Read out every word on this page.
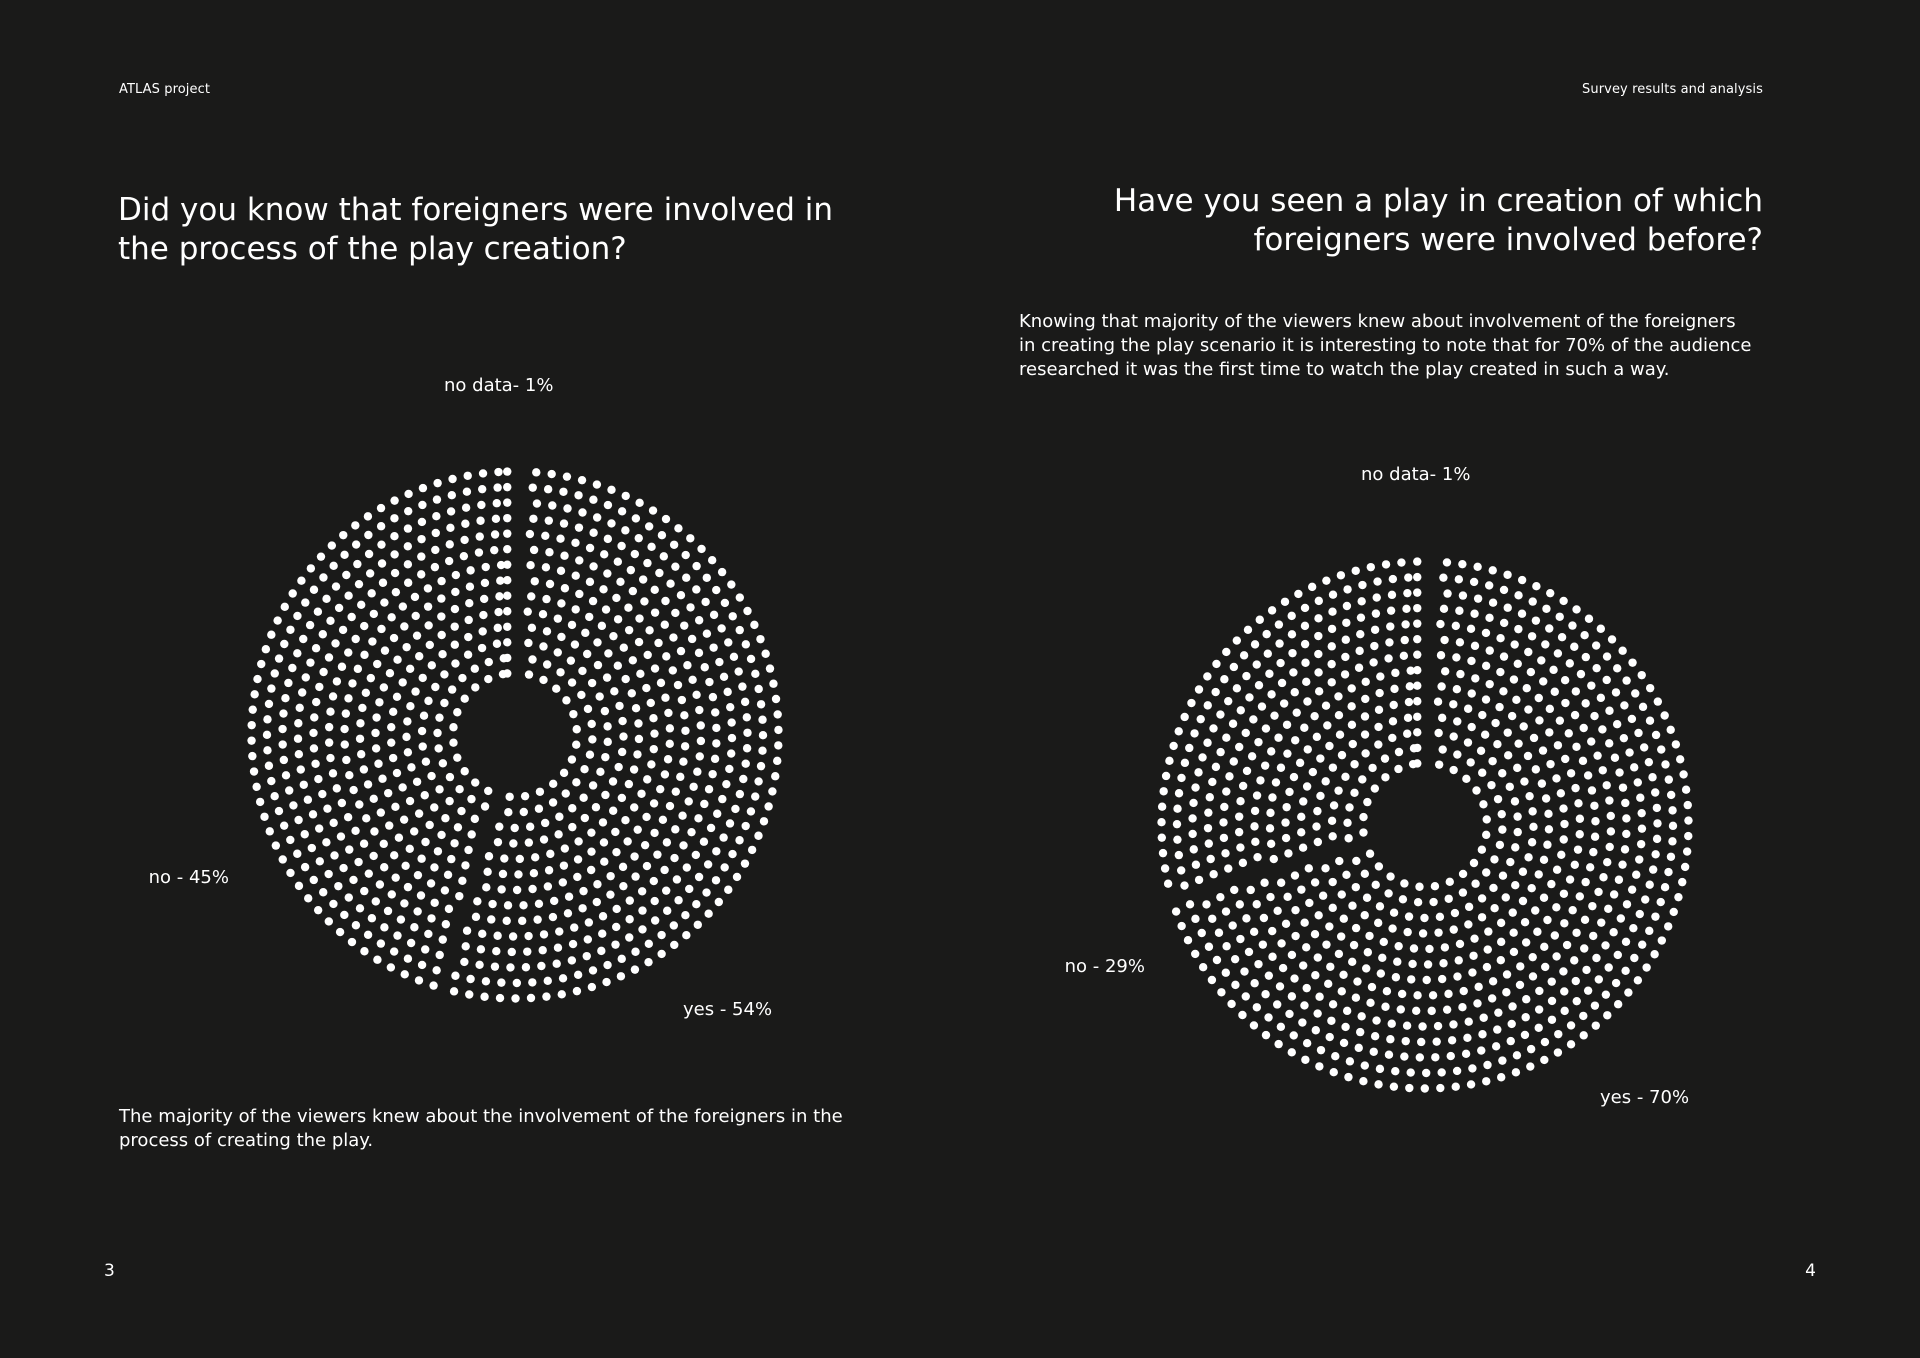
ATLAS project
Did you know that foreigners were involved in
the process of the play creation?

The majority of the viewers knew about the involvement of the foreigners in the
process of creating the play.

3
Survey results and analysis
Have you seen a play in creation of which
foreigners were involved before?

Knowing that majority of the viewers knew about involvement of the foreigners
in creating the play scenario it is interesting to note that for 70% of the audience
researched it was the first time to watch the play created in such a way.

4
yes - 54%
no - 45%
no data- 1%
yes - 70%
no - 29%
no data- 1%
